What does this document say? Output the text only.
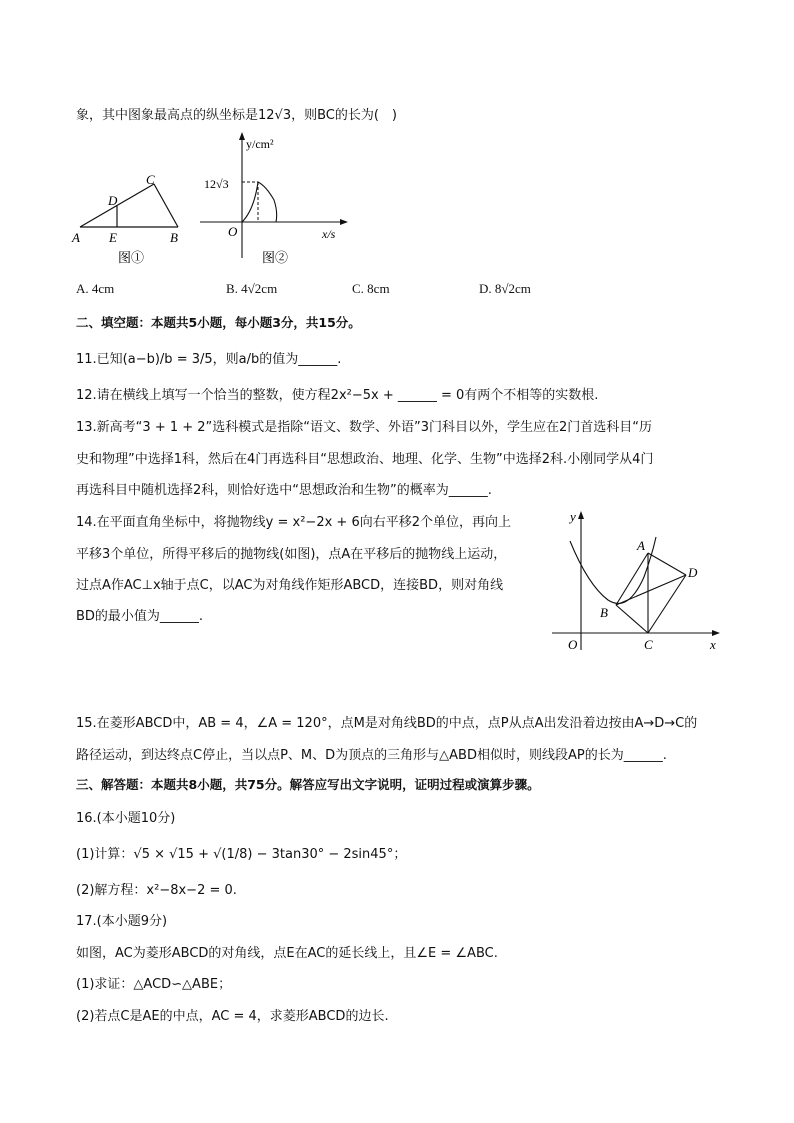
象，其中图象最高点的纵坐标是12√3，则BC的长为(　)
A E	B
C
D
图①
y/cm²
12√3
O	x/s
图②
A. 4cm	B. 4√2cm	C. 8cm	D. 8√2cm
二、填空题：本题共5小题，每小题3分，共15分。
11.已知(a−b)/b = 3/5，则a/b的值为______.
12.请在横线上填写一个恰当的整数，使方程2x²−5x + ______ = 0有两个不相等的实数根.
13.新高考“3 + 1 + 2”选科模式是指除“语文、数学、外语”3门科目以外，学生应在2门首选科目“历
史和物理”中选择1科，然后在4门再选科目“思想政治、地理、化学、生物”中选择2科.小刚同学从4门
再选科目中随机选择2科，则恰好选中“思想政治和生物”的概率为______.
14.在平面直角坐标中，将抛物线y = x²−2x + 6向右平移2个单位，再向上
平移3个单位，所得平移后的抛物线(如图)，点A在平移后的抛物线上运动，
过点A作AC⊥x轴于点C，以AC为对角线作矩形ABCD，连接BD，则对角线
BD的最小值为______.
y
x
O
A
B
C
D
15.在菱形ABCD中，AB = 4，∠A = 120°，点M是对角线BD的中点，点P从点A出发沿着边按由A→D→C的
路径运动，到达终点C停止，当以点P、M、D为顶点的三角形与△ABD相似时，则线段AP的长为______.
三、解答题：本题共8小题，共75分。解答应写出文字说明，证明过程或演算步骤。
16.(本小题10分)
(1)计算：√5 × √15 + √(1/8) − 3tan30° − 2sin45°；
(2)解方程：x²−8x−2 = 0.
17.(本小题9分)
如图，AC为菱形ABCD的对角线，点E在AC的延长线上，且∠E = ∠ABC.
(1)求证：△ACD∽△ABE；
(2)若点C是AE的中点，AC = 4，求菱形ABCD的边长.
